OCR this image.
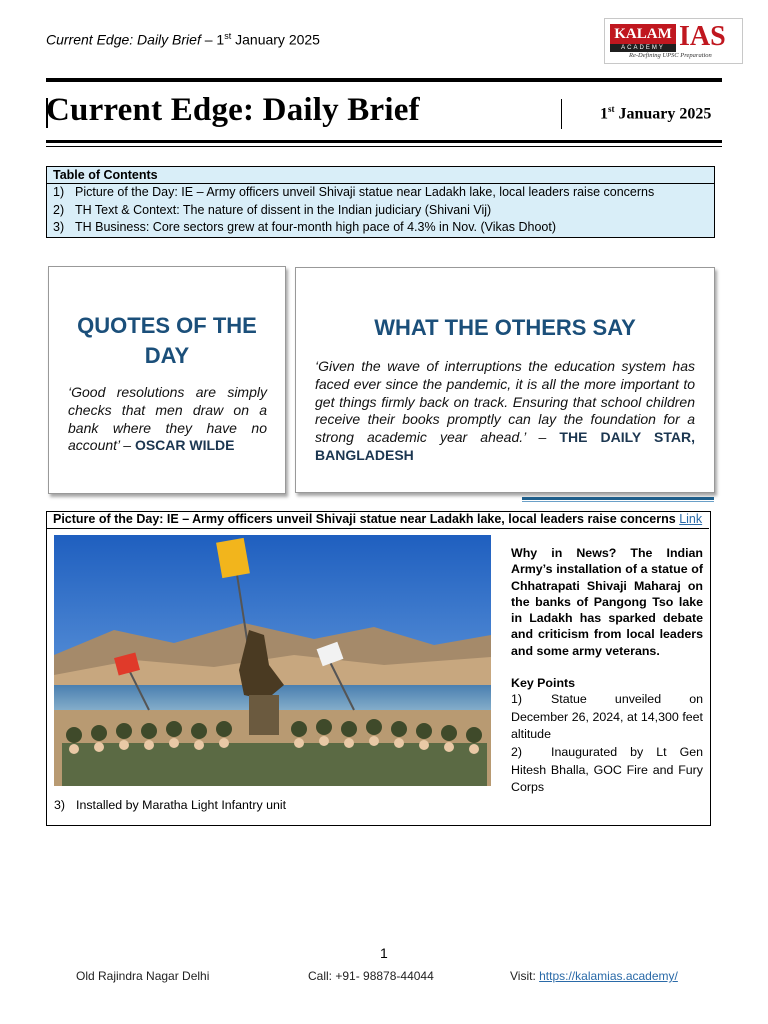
Current Edge: Daily Brief – 1st January 2025	KALAM
ACADEMY IAS
Re-Defining UPSC Preparation
Current Edge: Daily Brief	1st January 2025
Table of Contents
1) Picture of the Day: IE – Army officers unveil Shivaji statue near Ladakh lake, local leaders raise concerns
2) TH Text & Context: The nature of dissent in the Indian judiciary (Shivani Vij)
3) TH Business: Core sectors grew at four-month high pace of 4.3% in Nov. (Vikas Dhoot)
QUOTES OF THE DAY
‘Good resolutions are simply checks that men draw on a bank where they have no account’ – OSCAR WILDE
WHAT THE OTHERS SAY
‘Given the wave of interruptions the education system has faced ever since the pandemic, it is all the more important to get things firmly back on track. Ensuring that school children receive their books promptly can lay the foundation for a strong academic year ahead.’ – THE DAILY STAR, BANGLADESH
Picture of the Day: IE – Army officers unveil Shivaji statue near Ladakh lake, local leaders raise concerns Link
Why in News? The Indian Army’s installation of a statue of Chhatrapati Shivaji Maharaj on the banks of Pangong Tso lake in Ladakh has sparked debate and criticism from local leaders and some army veterans.
Key Points
1) Statue unveiled on December 26, 2024, at 14,300 feet altitude
2) Inaugurated by Lt Gen Hitesh Bhalla, GOC Fire and Fury Corps
3) Installed by Maratha Light Infantry unit
1
Old Rajindra Nagar Delhi	Call: +91- 98878-44044	Visit: https://kalamias.academy/
